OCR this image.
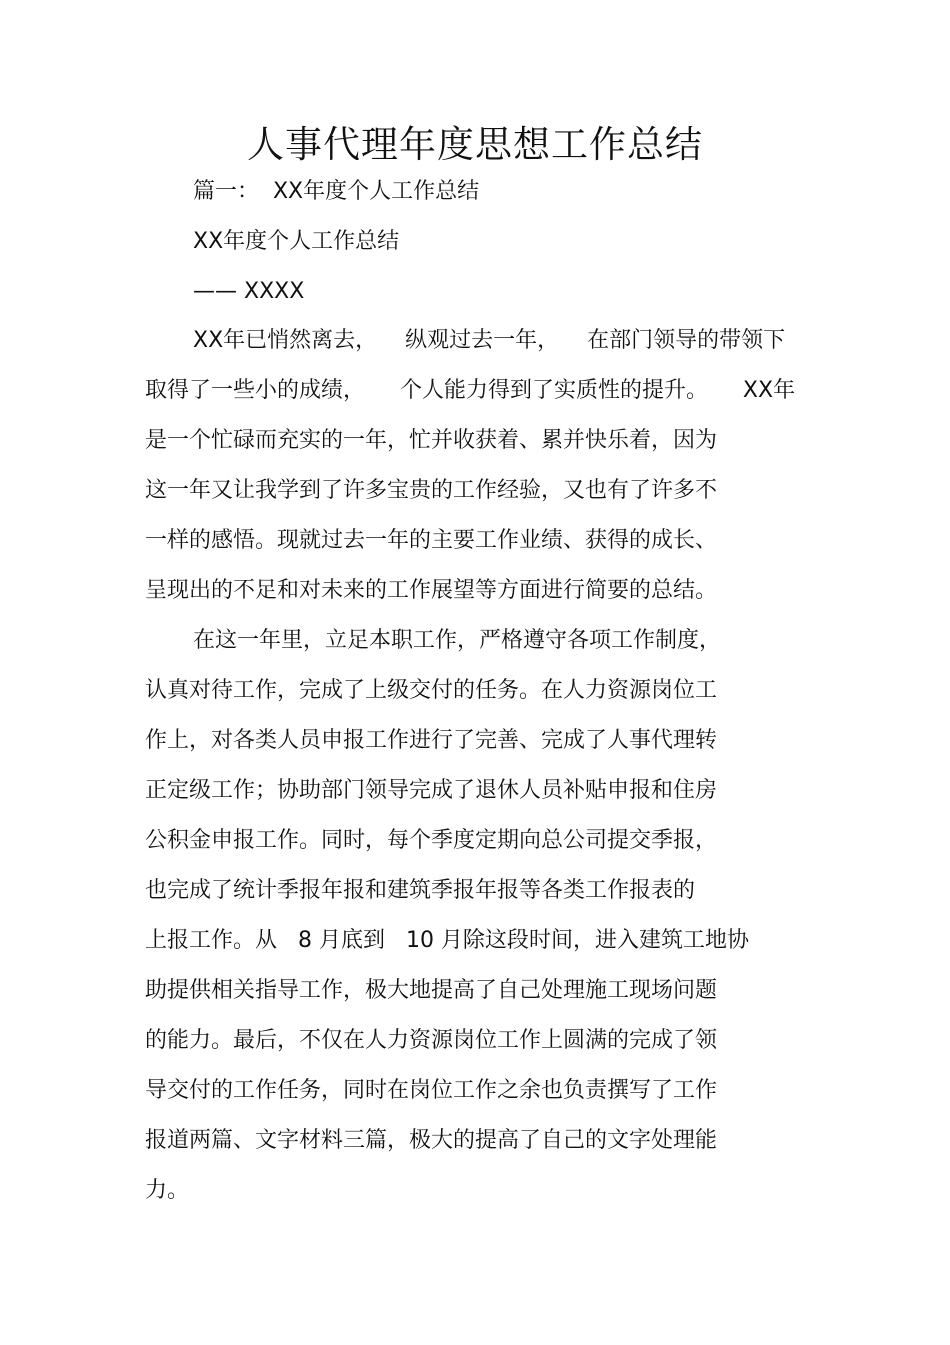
人事代理年度思想工作总结
篇一：  XX年度个人工作总结
XX年度个人工作总结
—— XXXX
XX年已悄然离去，    纵观过去一年，    在部门领导的带领下
取得了一些小的成绩，     个人能力得到了实质性的提升。     XX年
是一个忙碌而充实的一年，忙并收获着、累并快乐着，因为
这一年又让我学到了许多宝贵的工作经验，又也有了许多不
一样的感悟。现就过去一年的主要工作业绩、获得的成长、
呈现出的不足和对未来的工作展望等方面进行简要的总结。
在这一年里，立足本职工作，严格遵守各项工作制度，
认真对待工作，完成了上级交付的任务。在人力资源岗位工
作上，对各类人员申报工作进行了完善、完成了人事代理转
正定级工作；协助部门领导完成了退休人员补贴申报和住房
公积金申报工作。同时，每个季度定期向总公司提交季报，
也完成了统计季报年报和建筑季报年报等各类工作报表的
上报工作。从   8 月底到   10 月除这段时间，进入建筑工地协
助提供相关指导工作，极大地提高了自己处理施工现场问题
的能力。最后，不仅在人力资源岗位工作上圆满的完成了领
导交付的工作任务，同时在岗位工作之余也负责撰写了工作
报道两篇、文字材料三篇，极大的提高了自己的文字处理能
力。
